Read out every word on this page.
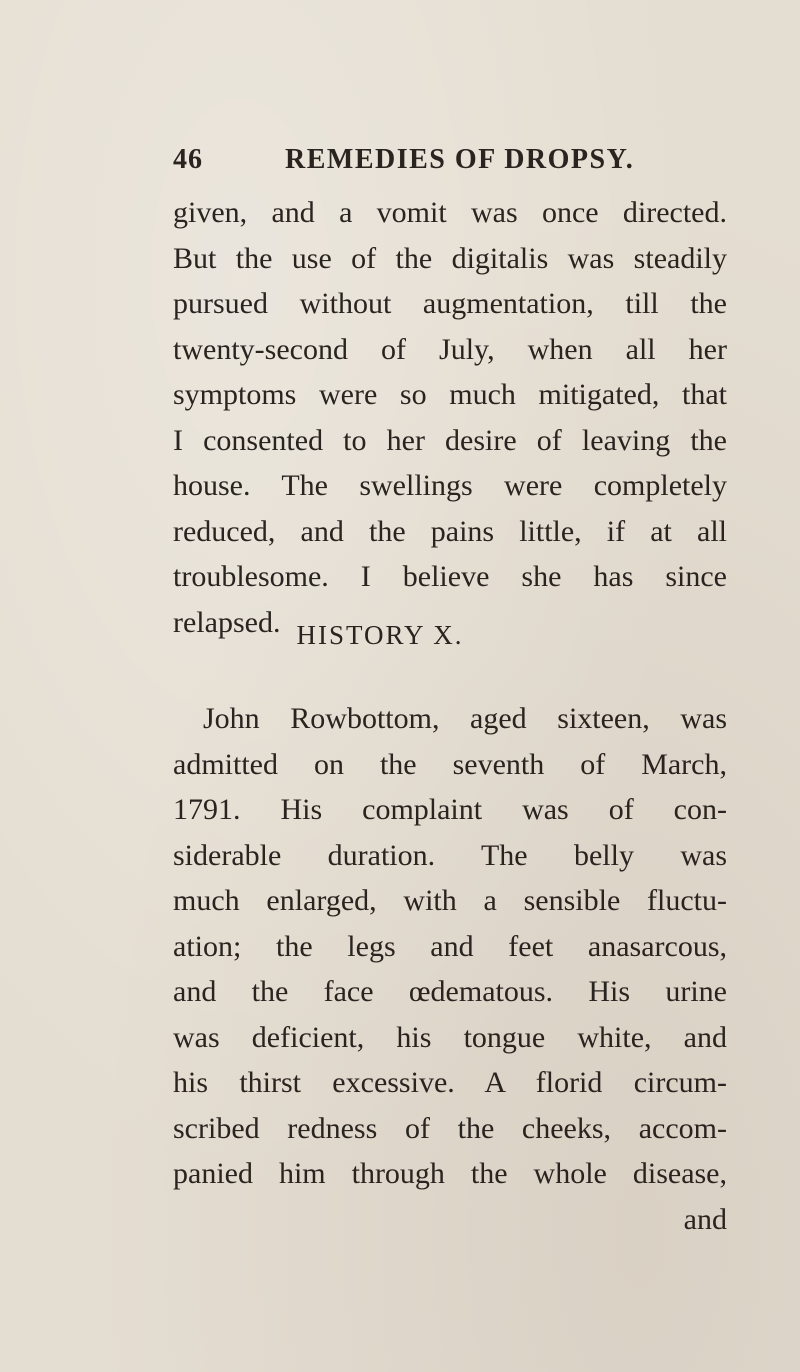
46	REMEDIES OF DROPSY.
given, and a vomit was once directed.
But the use of the digitalis was steadily
pursued without augmentation, till the
twenty-second of July, when all her
symptoms were so much mitigated, that
I consented to her desire of leaving the
house. The swellings were completely
reduced, and the pains little, if at all
troublesome. I believe she has since
relapsed. HISTORY X.
John Rowbottom, aged sixteen, was
admitted on the seventh of March,
1791. His complaint was of con-
siderable duration. The belly was
much enlarged, with a sensible fluctu-
ation; the legs and feet anasarcous,
and the face œdematous. His urine
was deficient, his tongue white, and
his thirst excessive. A florid circum-
scribed redness of the cheeks, accom-
panied him through the whole disease,
and
